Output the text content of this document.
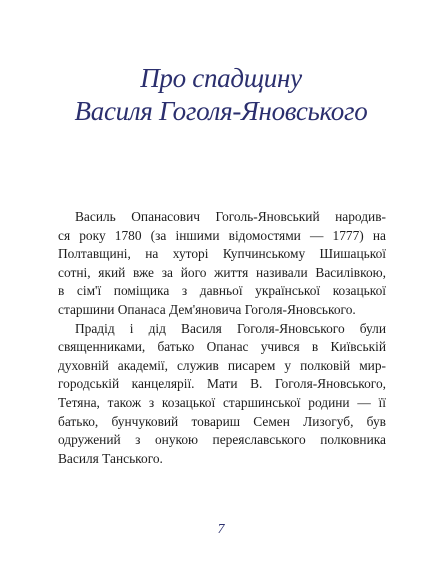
Про спадщину
Василя Гоголя-Яновського
Василь Опанасович Гоголь-Яновський народив-
ся року 1780 (за іншими відомостями — 1777) на
Полтавщині, на хуторі Купчинському Шишацької
сотні, який вже за його життя називали Василівкою,
в сім'ї поміщика з давньої української козацької
старшини Опанаса Дем'яновича Гоголя-Яновського.
Прадід і дід Василя Гоголя-Яновського були
священниками, батько Опанас учився в Київській
духовній академії, служив писарем у полковій мир-
городській канцелярії. Мати В. Гоголя-Яновського,
Тетяна, також з козацької старшинської родини — її
батько, бунчуковий товариш Семен Лизогуб, був
одружений з онукою переяславського полковника
Василя Танського.
7
